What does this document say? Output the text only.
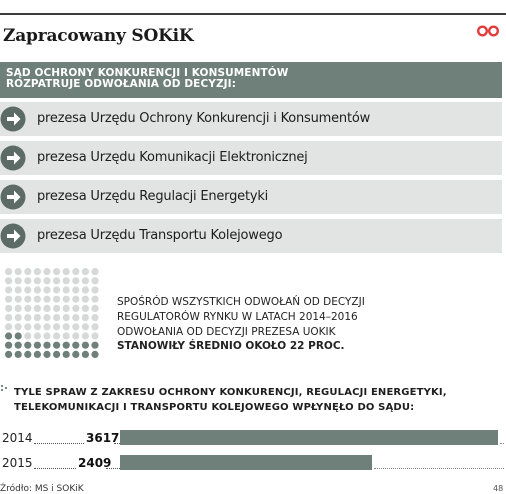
Zapracowany SOKiK
SĄD OCHRONY KONKURENCJI I KONSUMENTÓW
ROZPATRUJE ODWOŁANIA OD DECYZJI:
prezesa Urzędu Ochrony Konkurencji i Konsumentów
prezesa Urzędu Komunikacji Elektronicznej
prezesa Urzędu Regulacji Energetyki
prezesa Urzędu Transportu Kolejowego
SPOŚRÓD WSZYSTKICH ODWOŁAŃ OD DECYZJI
REGULATORÓW RYNKU W LATACH 2014–2016
ODWOŁANIA OD DECYZJI PREZESA UOKIK
STANOWIŁY ŚREDNIO OKOŁO 22 PROC.
TYLE SPRAW Z ZAKRESU OCHRONY KONKURENCJI, REGULACJI ENERGETYKI,
TELEKOMUNIKACJI I TRANSPORTU KOLEJOWEGO WPŁYNĘŁO DO SĄDU:
2014	3617
2015	2409
Źródło: MS i SOKiK	48
